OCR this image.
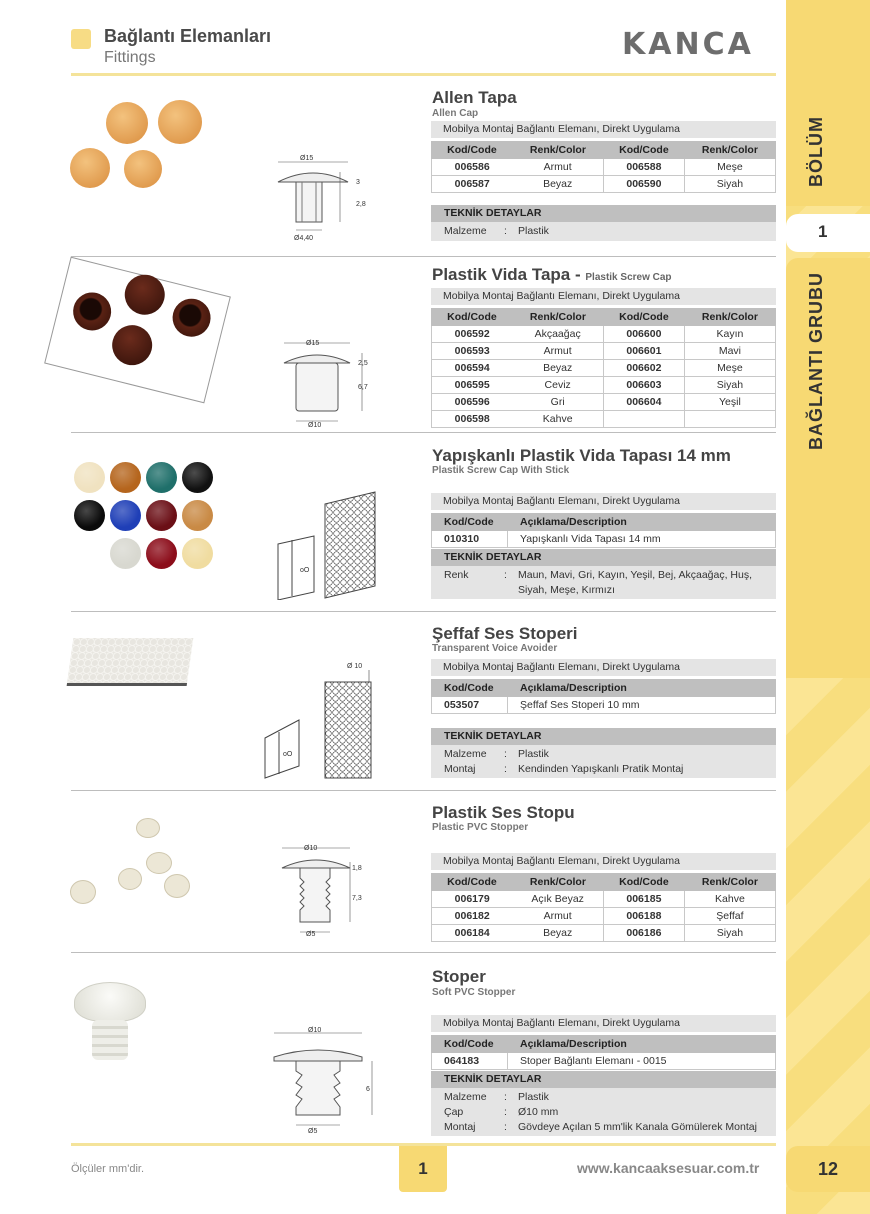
BÖLÜM
1
BAĞLANTI GRUBU
12
Bağlantı Elemanları
Fittings	KANCA
Allen Tapa
Allen Cap
Mobilya Montaj Bağlantı Elemanı, Direkt Uygulama
Kod/Code	Renk/Color	Kod/Code	Renk/Color
006586	Armut	006588	Meşe
006587	Beyaz	006590	Siyah
TEKNİK DETAYLAR
Malzeme	:	Plastik
Ø15
3
2,8
Ø4,40
Plastik Vida Tapa - Plastik Screw Cap
Mobilya Montaj Bağlantı Elemanı, Direkt Uygulama
Kod/Code	Renk/Color	Kod/Code	Renk/Color
006592	Akçaağaç	006600	Kayın
006593	Armut	006601	Mavi
006594	Beyaz	006602	Meşe
006595	Ceviz	006603	Siyah
006596	Gri	006604	Yeşil
006598	Kahve		
Ø15
2,5
6,7
Ø10
Yapışkanlı Plastik Vida Tapası 14 mm
Plastik Screw Cap With Stick
Mobilya Montaj Bağlantı Elemanı, Direkt Uygulama
Kod/Code	Açıklama/Description
010310	Yapışkanlı Vida Tapası 14 mm
TEKNİK DETAYLAR
Renk	:	Maun, Mavi, Gri, Kayın, Yeşil, Bej, Akçaağaç, Huş, Siyah, Meşe, Kırmızı
oO
Şeffaf Ses Stoperi
Transparent Voice Avoider
Mobilya Montaj Bağlantı Elemanı, Direkt Uygulama
Kod/Code	Açıklama/Description
053507	Şeffaf Ses Stoperi 10 mm
TEKNİK DETAYLAR
Malzeme	:	Plastik
Montaj	:	Kendinden Yapışkanlı Pratik Montaj
Ø 10
oO
Plastik Ses Stopu
Plastic PVC Stopper
Mobilya Montaj Bağlantı Elemanı, Direkt Uygulama
Kod/Code	Renk/Color	Kod/Code	Renk/Color
006179	Açık Beyaz	006185	Kahve
006182	Armut	006188	Şeffaf
006184	Beyaz	006186	Siyah
Ø10
1,8
7,3
Ø5
Stoper
Soft PVC Stopper
Mobilya Montaj Bağlantı Elemanı, Direkt Uygulama
Kod/Code	Açıklama/Description
064183	Stoper Bağlantı Elemanı - 0015
TEKNİK DETAYLAR
Malzeme	:	Plastik
Çap	:	Ø10 mm
Montaj	:	Gövdeye Açılan 5 mm'lik Kanala Gömülerek Montaj
Ø10
6
Ø5
Ölçüler mm'dir.	1	www.kancaaksesuar.com.tr
